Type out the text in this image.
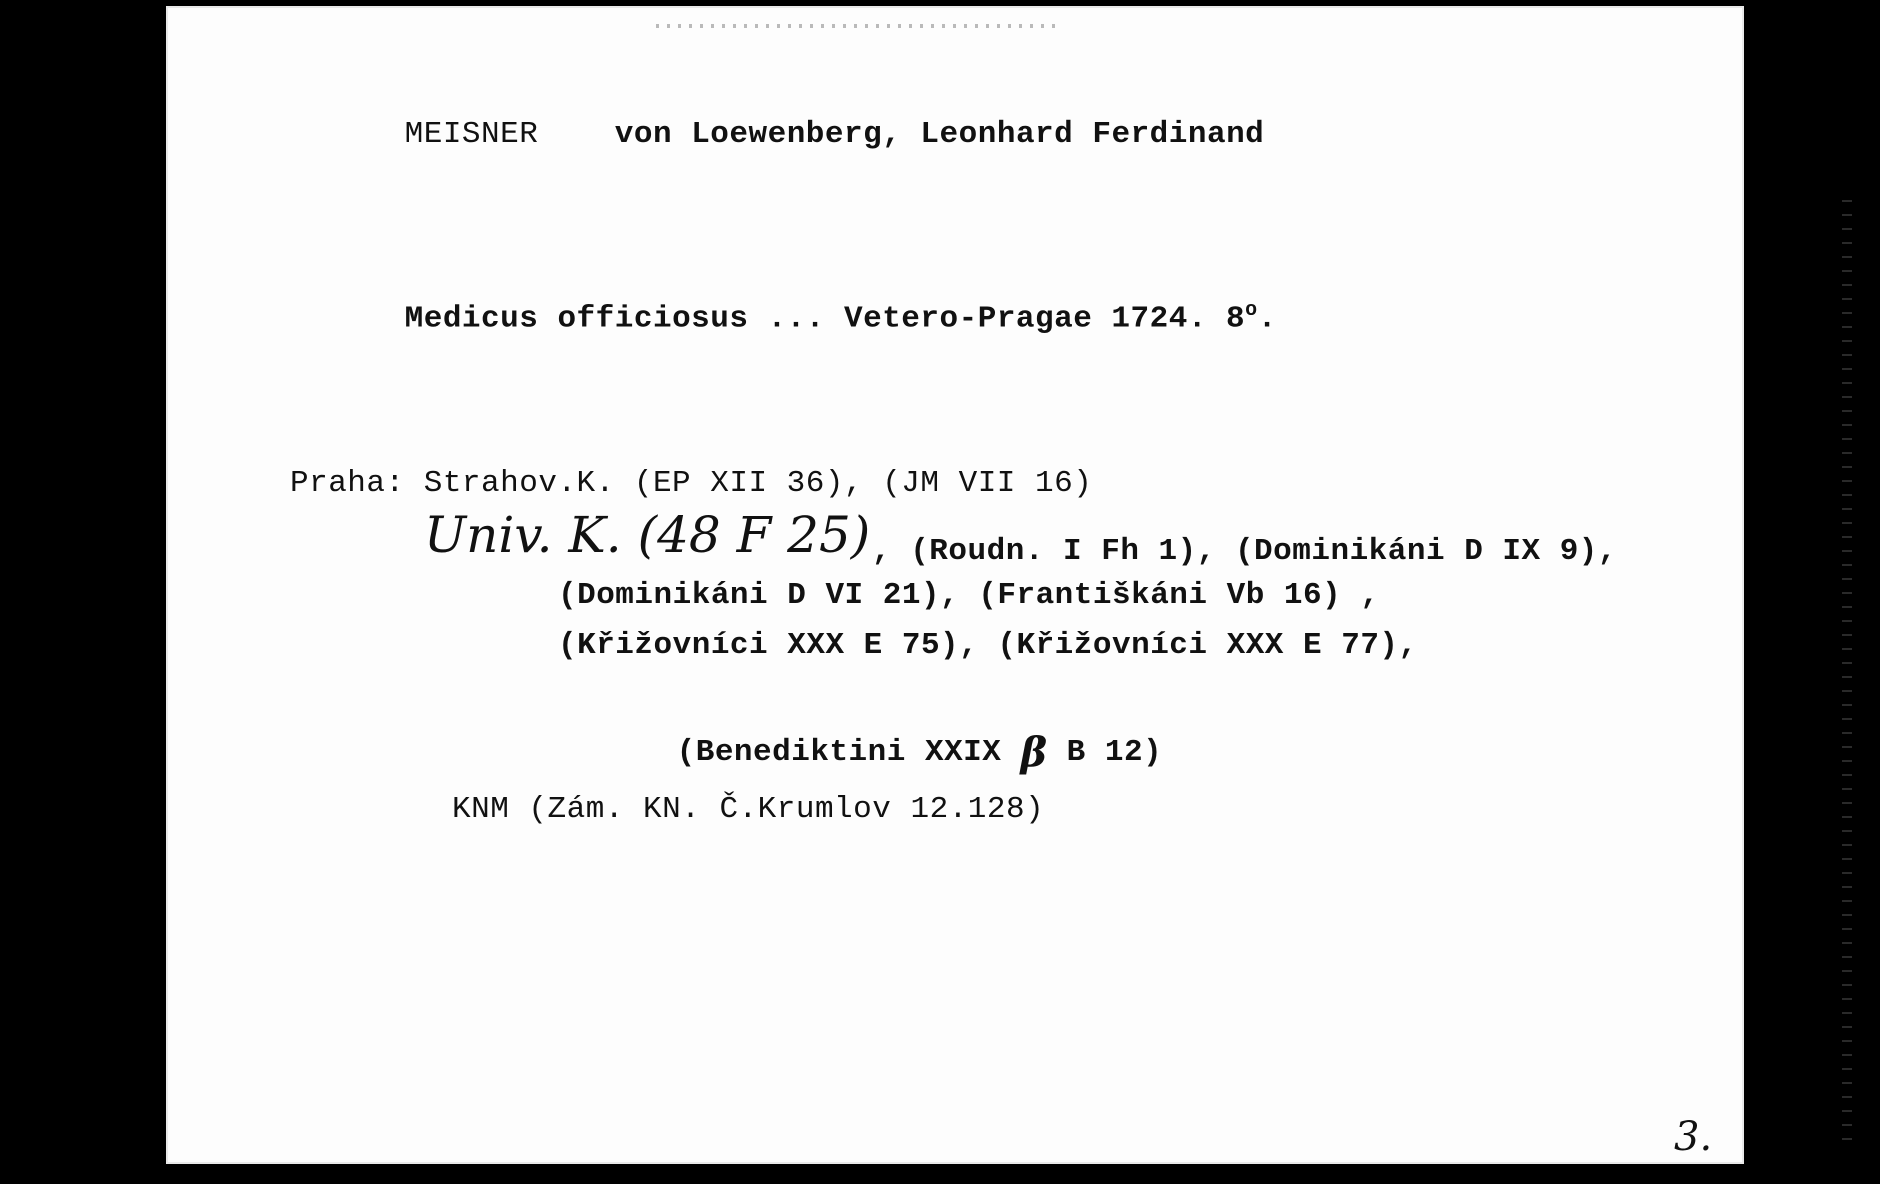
MEISNER von Loewenberg, Leonhard Ferdinand

Medicus officiosus ... Vetero-Pragae 1724. 8$^o$.

Praha: Strahov.K. (EP XII 36), (JM VII 16)
Univ. K. (48 F 25) , (Roudn. I Fh 1), (Dominikáni D IX 9),
(Dominikáni D VI 21), (Františkáni Vb 16) ,
(Křižovníci XXX E 75), (Křižovníci XXX E 77),

(Benediktini XXIX β B 12)

KNM (Zám. KN. Č.Krumlov 12.128)
3.
